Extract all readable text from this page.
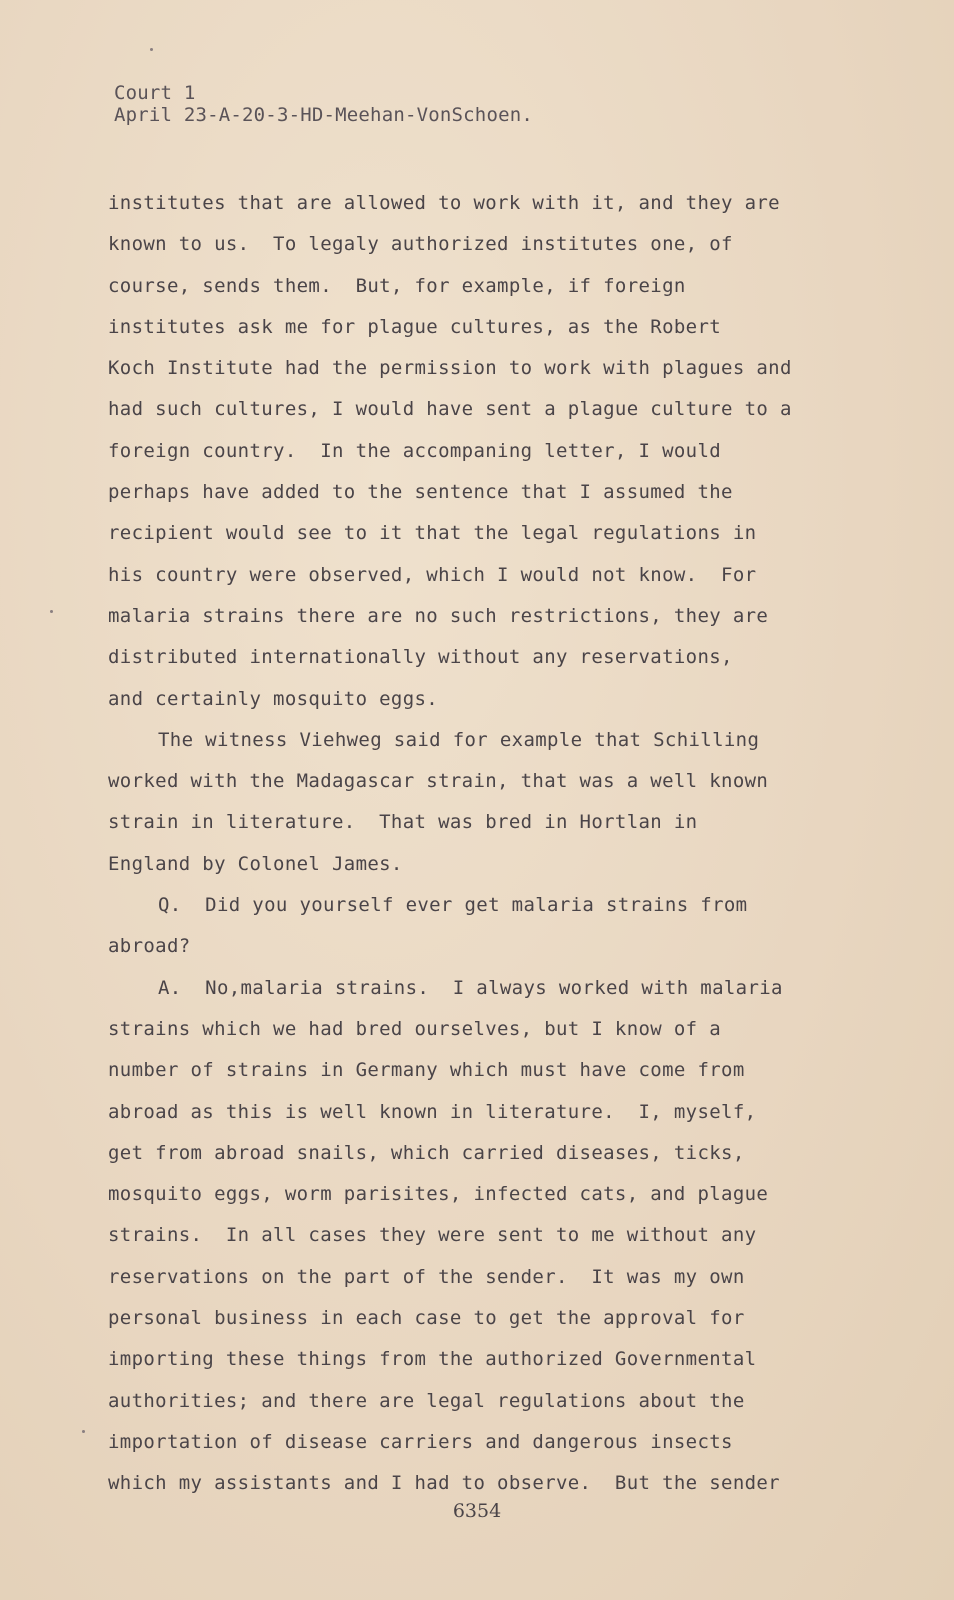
Court 1
April 23-A-20-3-HD-Meehan-VonSchoen.
institutes that are allowed to work with it, and they are
known to us.  To legaly authorized institutes one, of
course, sends them.  But, for example, if foreign
institutes ask me for plague cultures, as the Robert
Koch Institute had the permission to work with plagues and
had such cultures, I would have sent a plague culture to a
foreign country.  In the accompaning letter, I would
perhaps have added to the sentence that I assumed the
recipient would see to it that the legal regulations in
his country were observed, which I would not know.  For
malaria strains there are no such restrictions, they are
distributed internationally without any reservations,
and certainly mosquito eggs.
The witness Viehweg said for example that Schilling
worked with the Madagascar strain, that was a well known
strain in literature.  That was bred in Hortlan in
England by Colonel James.
Q.  Did you yourself ever get malaria strains from
abroad?
A.  No,malaria strains.  I always worked with malaria
strains which we had bred ourselves, but I know of a
number of strains in Germany which must have come from
abroad as this is well known in literature.  I, myself,
get from abroad snails, which carried diseases, ticks,
mosquito eggs, worm parisites, infected cats, and plague
strains.  In all cases they were sent to me without any
reservations on the part of the sender.  It was my own
personal business in each case to get the approval for
importing these things from the authorized Governmental
authorities; and there are legal regulations about the
importation of disease carriers and dangerous insects
which my assistants and I had to observe.  But the sender
6354
